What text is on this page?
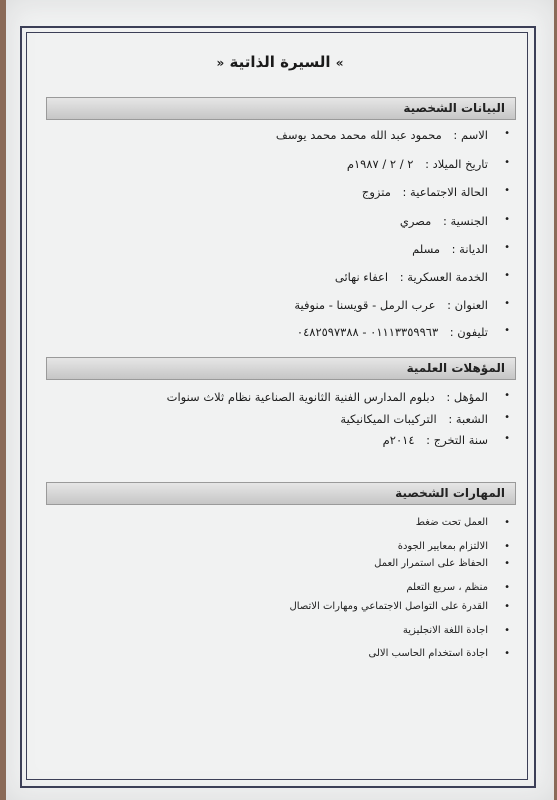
» السيرة الذاتية «
البيانات الشخصية
•
الاسم : محمود عبد الله محمد محمد يوسف
•
تاريخ الميلاد : ٢ / ٢ / ١٩٨٧م
•
الحالة الاجتماعية : متزوج
•
الجنسية : مصري
•
الديانة : مسلم
•
الخدمة العسكرية : اعفاء نهائى
•
العنوان : عرب الرمل - قويسنا - منوفية
•
تليفون : ٠١١١٣٣٥٩٩٦٣ - ٠٤٨٢٥٩٧٣٨٨
المؤهلات العلمية
•
المؤهل : دبلوم المدارس الفنية الثانوية الصناعية نظام ثلاث سنوات
•
الشعبة : التركيبات الميكانيكية
•
سنة التخرج : ٢٠١٤م
المهارات الشخصية
•
العمل تحت ضغط
•
الالتزام بمعايير الجودة
•
الحفاظ على استمرار العمل
•
منظم ، سريع التعلم
•
القدرة على التواصل الاجتماعي ومهارات الاتصال
•
اجادة اللغة الانجليزية
•
اجادة استخدام الحاسب الالى
